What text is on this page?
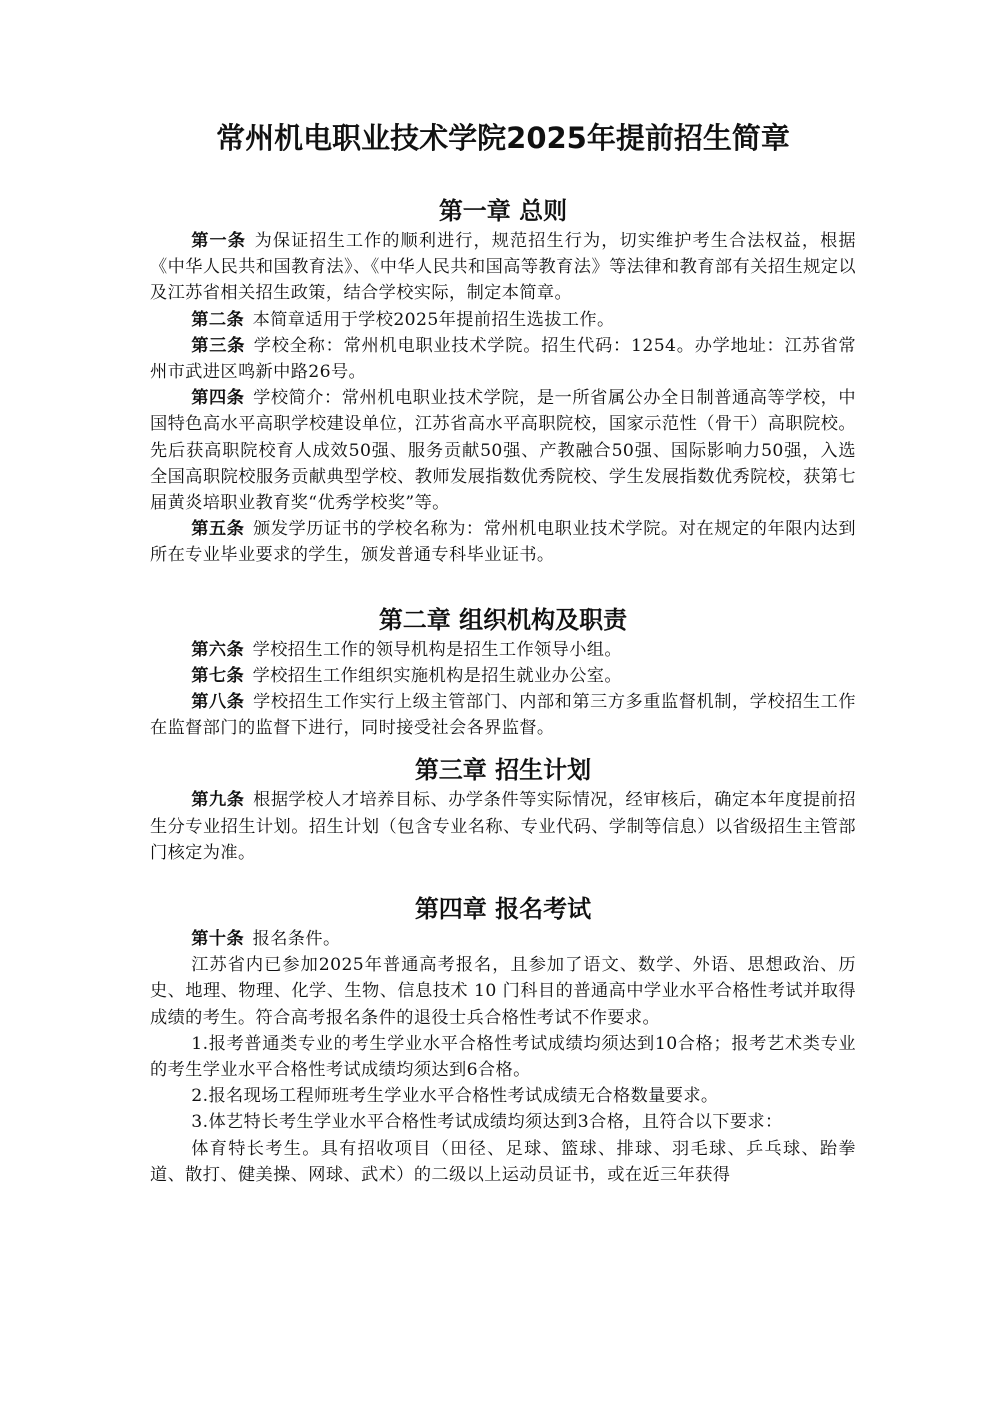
常州机电职业技术学院2025年提前招生简章
第一章 总则

第一条 为保证招生工作的顺利进行，规范招生行为，切实维护考生合法权益，根据《中华人民共和国教育法》、《中华人民共和国高等教育法》等法律和教育部有关招生规定以及江苏省相关招生政策，结合学校实际，制定本简章。

第二条 本简章适用于学校2025年提前招生选拔工作。

第三条 学校全称：常州机电职业技术学院。招生代码：1254。办学地址：江苏省常州市武进区鸣新中路26号。

第四条 学校简介：常州机电职业技术学院，是一所省属公办全日制普通高等学校，中国特色高水平高职学校建设单位，江苏省高水平高职院校，国家示范性（骨干）高职院校。先后获高职院校育人成效50强、服务贡献50强、产教融合50强、国际影响力50强，入选全国高职院校服务贡献典型学校、教师发展指数优秀院校、学生发展指数优秀院校，获第七届黄炎培职业教育奖“优秀学校奖”等。

第五条 颁发学历证书的学校名称为：常州机电职业技术学院。对在规定的年限内达到所在专业毕业要求的学生，颁发普通专科毕业证书。

第二章 组织机构及职责

第六条 学校招生工作的领导机构是招生工作领导小组。

第七条 学校招生工作组织实施机构是招生就业办公室。

第八条 学校招生工作实行上级主管部门、内部和第三方多重监督机制，学校招生工作在监督部门的监督下进行，同时接受社会各界监督。

第三章 招生计划

第九条 根据学校人才培养目标、办学条件等实际情况，经审核后，确定本年度提前招生分专业招生计划。招生计划（包含专业名称、专业代码、学制等信息）以省级招生主管部门核定为准。

第四章 报名考试

第十条 报名条件。

江苏省内已参加2025年普通高考报名，且参加了语文、数学、外语、思想政治、历史、地理、物理、化学、生物、信息技术 10 门科目的普通高中学业水平合格性考试并取得成绩的考生。符合高考报名条件的退役士兵合格性考试不作要求。

1.报考普通类专业的考生学业水平合格性考试成绩均须达到10合格；报考艺术类专业的考生学业水平合格性考试成绩均须达到6合格。

2.报名现场工程师班考生学业水平合格性考试成绩无合格数量要求。

3.体艺特长考生学业水平合格性考试成绩均须达到3合格，且符合以下要求：

体育特长考生。具有招收项目（田径、足球、篮球、排球、羽毛球、乒乓球、跆拳道、散打、健美操、网球、武术）的二级以上运动员证书，或在近三年获得
